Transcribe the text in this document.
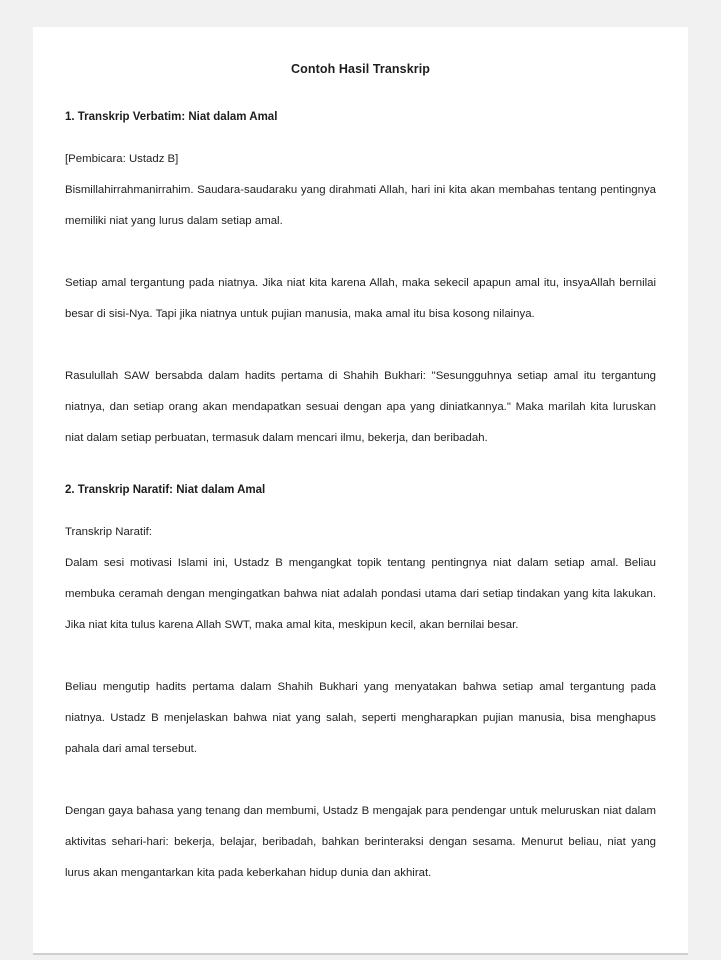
Contoh Hasil Transkrip
1. Transkrip Verbatim: Niat dalam Amal
[Pembicara: Ustadz B]
Bismillahirrahmanirrahim. Saudara-saudaraku yang dirahmati Allah, hari ini kita akan membahas tentang pentingnya memiliki niat yang lurus dalam setiap amal.
Setiap amal tergantung pada niatnya. Jika niat kita karena Allah, maka sekecil apapun amal itu, insyaAllah bernilai besar di sisi-Nya. Tapi jika niatnya untuk pujian manusia, maka amal itu bisa kosong nilainya.
Rasulullah SAW bersabda dalam hadits pertama di Shahih Bukhari: "Sesungguhnya setiap amal itu tergantung niatnya, dan setiap orang akan mendapatkan sesuai dengan apa yang diniatkannya." Maka marilah kita luruskan niat dalam setiap perbuatan, termasuk dalam mencari ilmu, bekerja, dan beribadah.
2. Transkrip Naratif: Niat dalam Amal
Transkrip Naratif:
Dalam sesi motivasi Islami ini, Ustadz B mengangkat topik tentang pentingnya niat dalam setiap amal. Beliau membuka ceramah dengan mengingatkan bahwa niat adalah pondasi utama dari setiap tindakan yang kita lakukan. Jika niat kita tulus karena Allah SWT, maka amal kita, meskipun kecil, akan bernilai besar.
Beliau mengutip hadits pertama dalam Shahih Bukhari yang menyatakan bahwa setiap amal tergantung pada niatnya. Ustadz B menjelaskan bahwa niat yang salah, seperti mengharapkan pujian manusia, bisa menghapus pahala dari amal tersebut.
Dengan gaya bahasa yang tenang dan membumi, Ustadz B mengajak para pendengar untuk meluruskan niat dalam aktivitas sehari-hari: bekerja, belajar, beribadah, bahkan berinteraksi dengan sesama. Menurut beliau, niat yang lurus akan mengantarkan kita pada keberkahan hidup dunia dan akhirat.
